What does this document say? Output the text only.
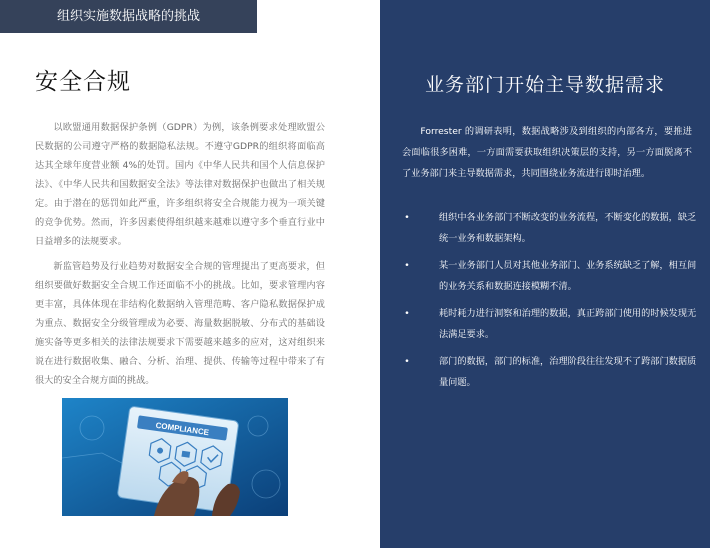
组织实施数据战略的挑战
安全合规

以欧盟通用数据保护条例（GDPR）为例，该条例要求处理欧盟公民数据的公司遵守严格的数据隐私法规。不遵守GDPR的组织将面临高达其全球年度营业额 4%的处罚。国内《中华人民共和国个人信息保护法》、《中华人民共和国数据安全法》等法律对数据保护也做出了相关规定。由于潜在的惩罚如此严重，许多组织将安全合规能力视为一项关键的竞争优势。然而，许多因素使得组织越来越难以遵守多个垂直行业中日益增多的法规要求。

新监管趋势及行业趋势对数据安全合规的管理提出了更高要求，但组织要做好数据安全合规工作还面临不小的挑战。比如，要求管理内容更丰富，具体体现在非结构化数据纳入管理范畴、客户隐私数据保护成为重点、数据安全分级管理成为必要、海量数据脱敏、分布式的基础设施实备等更多相关的法律法规要求下需要越来越多的应对，这对组织来说在进行数据收集、融合、分析、治理、提供、传输等过程中带来了有很大的安全合规方面的挑战。

COMPLIANCE
业务部门开始主导数据需求

Forrester 的调研表明，数据战略涉及到组织的内部各方，要推进会面临很多困难，一方面需要获取组织决策层的支持，另一方面脱离不了业务部门来主导数据需求，共同围绕业务流进行即时治理。

•	组织中各业务部门不断改变的业务流程，不断变化的数据，缺乏统一业务和数据架构。
•	某一业务部门人员对其他业务部门、业务系统缺乏了解，相互间的业务关系和数据连接模糊不清。
•	耗时耗力进行洞察和治理的数据，真正跨部门使用的时候发现无法满足要求。
•	部门的数据，部门的标准，治理阶段往往发现不了跨部门数据质量问题。
